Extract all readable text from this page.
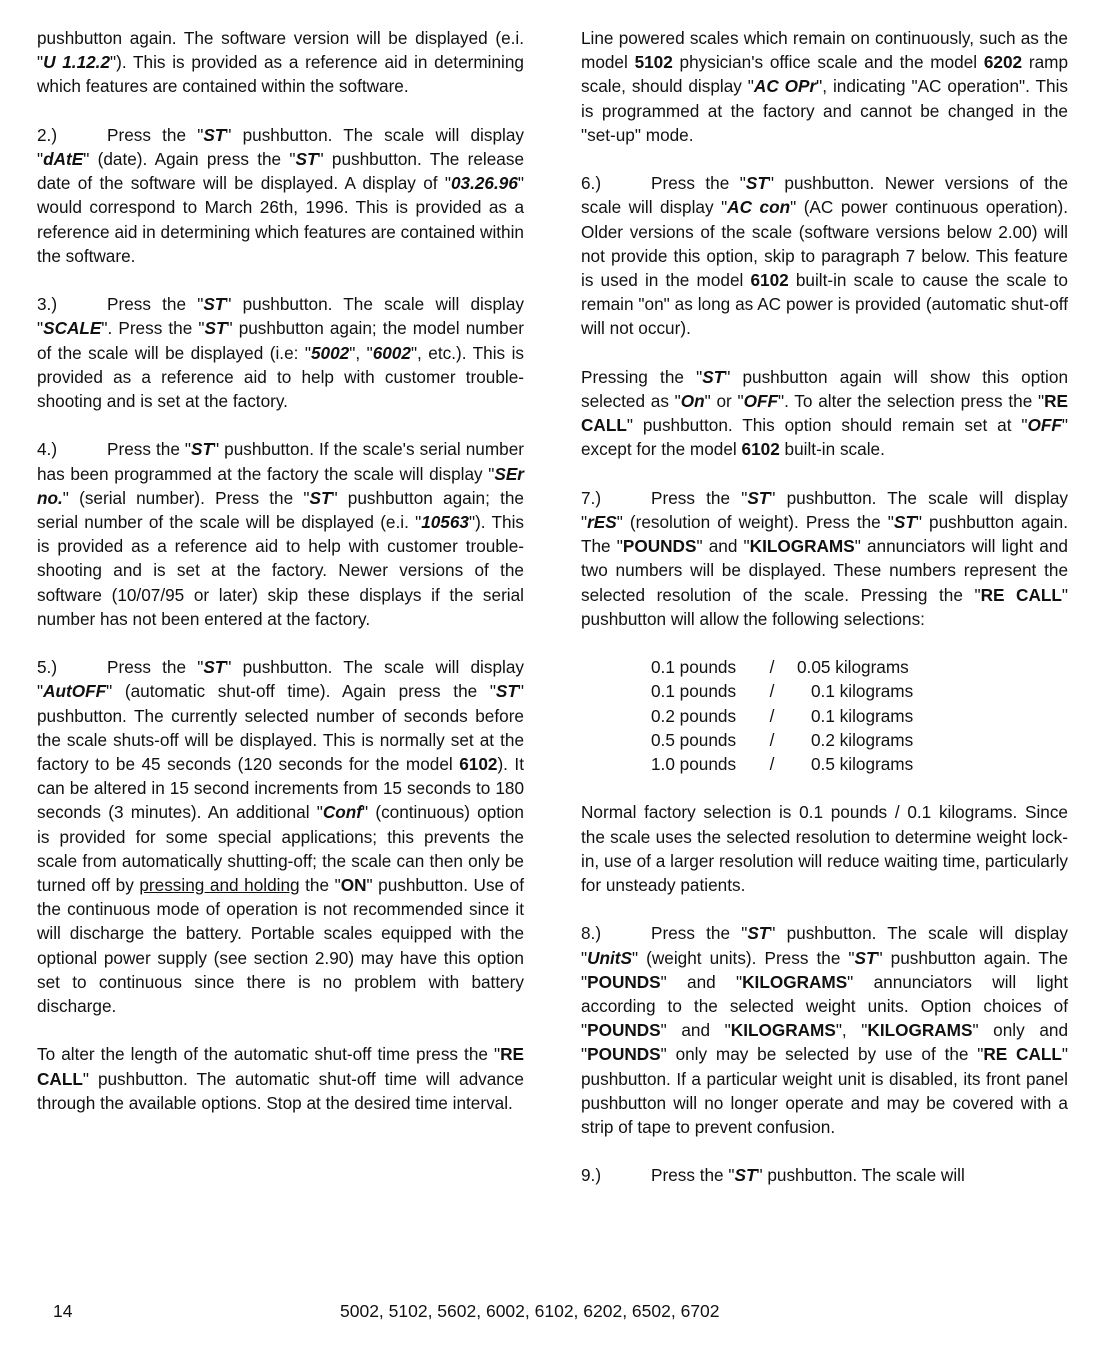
pushbutton again. The software version will be displayed (e.i. "U 1.12.2"). This is provided as a reference aid in determining which features are contained within the software.

2.)	Press the "ST" pushbutton. The scale will display "dAtE" (date). Again press the "ST" pushbutton. The release date of the software will be displayed. A display of "03.26.96" would correspond to March 26th, 1996. This is provided as a reference aid in determining which features are contained within the software.

3.)	Press the "ST" pushbutton. The scale will display "SCALE". Press the "ST" pushbutton again; the model number of the scale will be displayed (i.e: "5002", "6002", etc.). This is provided as a reference aid to help with customer trouble-shooting and is set at the factory.

4.)	Press the "ST" pushbutton. If the scale's serial number has been programmed at the factory the scale will display "SEr no." (serial number). Press the "ST" pushbutton again; the serial number of the scale will be displayed (e.i. "10563"). This is provided as a reference aid to help with customer trouble-shooting and is set at the factory. Newer versions of the software (10/07/95 or later) skip these displays if the serial number has not been entered at the factory.

5.)	Press the "ST" pushbutton. The scale will display "AutOFF" (automatic shut-off time). Again press the "ST" pushbutton. The currently selected number of seconds before the scale shuts-off will be displayed. This is normally set at the factory to be 45 seconds (120 seconds for the model 6102). It can be altered in 15 second increments from 15 seconds to 180 seconds (3 minutes). An additional "Conf" (continuous) option is provided for some special applications; this prevents the scale from automatically shutting-off; the scale can then only be turned off by pressing and holding the "ON" pushbutton. Use of the continuous mode of operation is not recommended since it will discharge the battery. Portable scales equipped with the optional power supply (see section 2.90) may have this option set to continuous since there is no problem with battery discharge.

To alter the length of the automatic shut-off time press the "RE CALL" pushbutton. The automatic shut-off time will advance through the available options. Stop at the desired time interval.

Line powered scales which remain on continuously, such as the model 5102 physician's office scale and the model 6202 ramp scale, should display "AC OPr", indicating "AC operation". This is programmed at the factory and cannot be changed in the "set-up" mode.

6.)	Press the "ST" pushbutton. Newer versions of the scale will display "AC con" (AC power continuous operation). Older versions of the scale (software versions below 2.00) will not provide this option, skip to paragraph 7 below. This feature is used in the model 6102 built-in scale to cause the scale to remain "on" as long as AC power is provided (automatic shut-off will not occur).

Pressing the "ST" pushbutton again will show this option selected as "On" or "OFF". To alter the selection press the "RE CALL" pushbutton. This option should remain set at "OFF" except for the model 6102 built-in scale.

7.)	Press the "ST" pushbutton. The scale will display "rES" (resolution of weight). Press the "ST" pushbutton again. The "POUNDS" and "KILOGRAMS" annunciators will light and two numbers will be displayed. These numbers represent the selected resolution of the scale. Pressing the "RE CALL" pushbutton will allow the following selections:

0.1 pounds	/	0.05 kilograms
0.1 pounds	/	0.1 kilograms
0.2 pounds	/	0.1 kilograms
0.5 pounds	/	0.2 kilograms
1.0 pounds	/	0.5 kilograms

Normal factory selection is 0.1 pounds / 0.1 kilograms. Since the scale uses the selected resolution to determine weight lock-in, use of a larger resolution will reduce waiting time, particularly for unsteady patients.

8.)	Press the "ST" pushbutton. The scale will display "UnitS" (weight units). Press the "ST" pushbutton again. The "POUNDS" and "KILOGRAMS" annunciators will light according to the selected weight units. Option choices of "POUNDS" and "KILOGRAMS", "KILOGRAMS" only and "POUNDS" only may be selected by use of the "RE CALL" pushbutton. If a particular weight unit is disabled, its front panel pushbutton will no longer operate and may be covered with a strip of tape to prevent confusion.

9.)	Press the "ST" pushbutton. The scale will

14	5002, 5102, 5602, 6002, 6102, 6202, 6502, 6702
